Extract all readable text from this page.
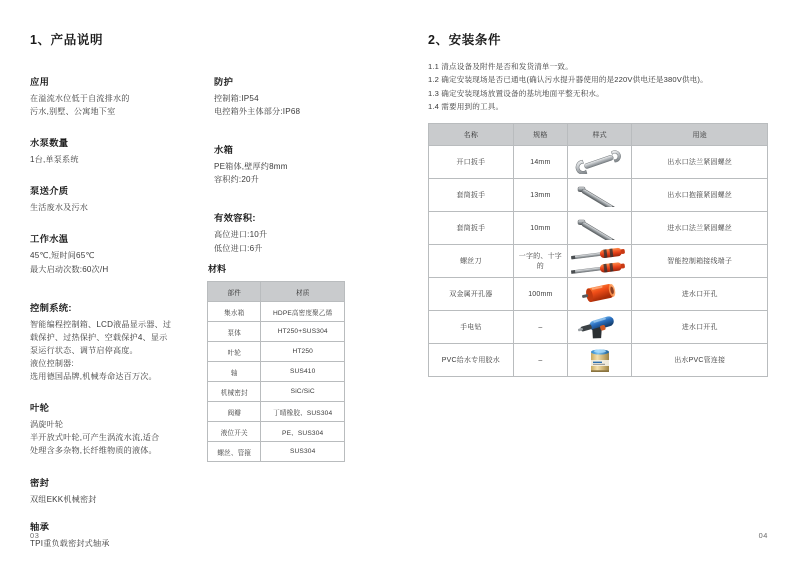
1、产品说明
应用

在溢流水位低于自流排水的

污水,别墅、公寓地下室

水泵数量

1台,单泵系统

泵送介质

生活废水及污水

工作水温

45℃,短时间65℃

最大启动次数:60次/H

控制系统:

智能编程控制箱、LCD液晶显示器、过

载保护、过热保护、空载保护4、显示

泵运行状态、调节启停高度。

液位控制器:

选用德国品牌,机械寿命达百万次。

叶轮

涡旋叶轮

半开放式叶轮,可产生涡流水流,适合

处理含多杂物,长纤维物质的液体。

密封

双组EKK机械密封

轴承

TPI重负载密封式轴承

防护

控制箱:IP54

电控箱外主体部分:IP68

水箱

PE箱体,壁厚约8mm

容积约:20升

有效容积:

高位进口:10升

低位进口:6升

材料
部件	材质
集水箱	HDPE高密度聚乙烯
泵体	HT250+SUS304
叶轮	HT250
轴	SUS410
机械密封	SiC/SiC
阀瓣	丁晴橡胶、SUS304
液位开关	PE、SUS304
螺丝、管箍	SUS304
03
2、安装条件
1.1 清点设备及附件是否和发货清单一致。
1.2 确定安装现场是否已通电(确认污水提升器使用的是220V供电还是380V供电)。
1.3 确定安装现场放置设备的基坑地面平整无积水。
1.4 需要用到的工具。
名称	规格	样式	用途
开口扳手	14mm		出水口法兰紧固螺丝
套筒扳手	13mm		出水口抱箍紧固螺丝
套筒扳手	10mm		进水口法兰紧固螺丝
螺丝刀	一字的、十字的		智能控制箱接线端子
双金属开孔器	100mm		进水口开孔
手电钻	–		进水口开孔
PVC给水专用胶水	–		出水PVC管连接
04
